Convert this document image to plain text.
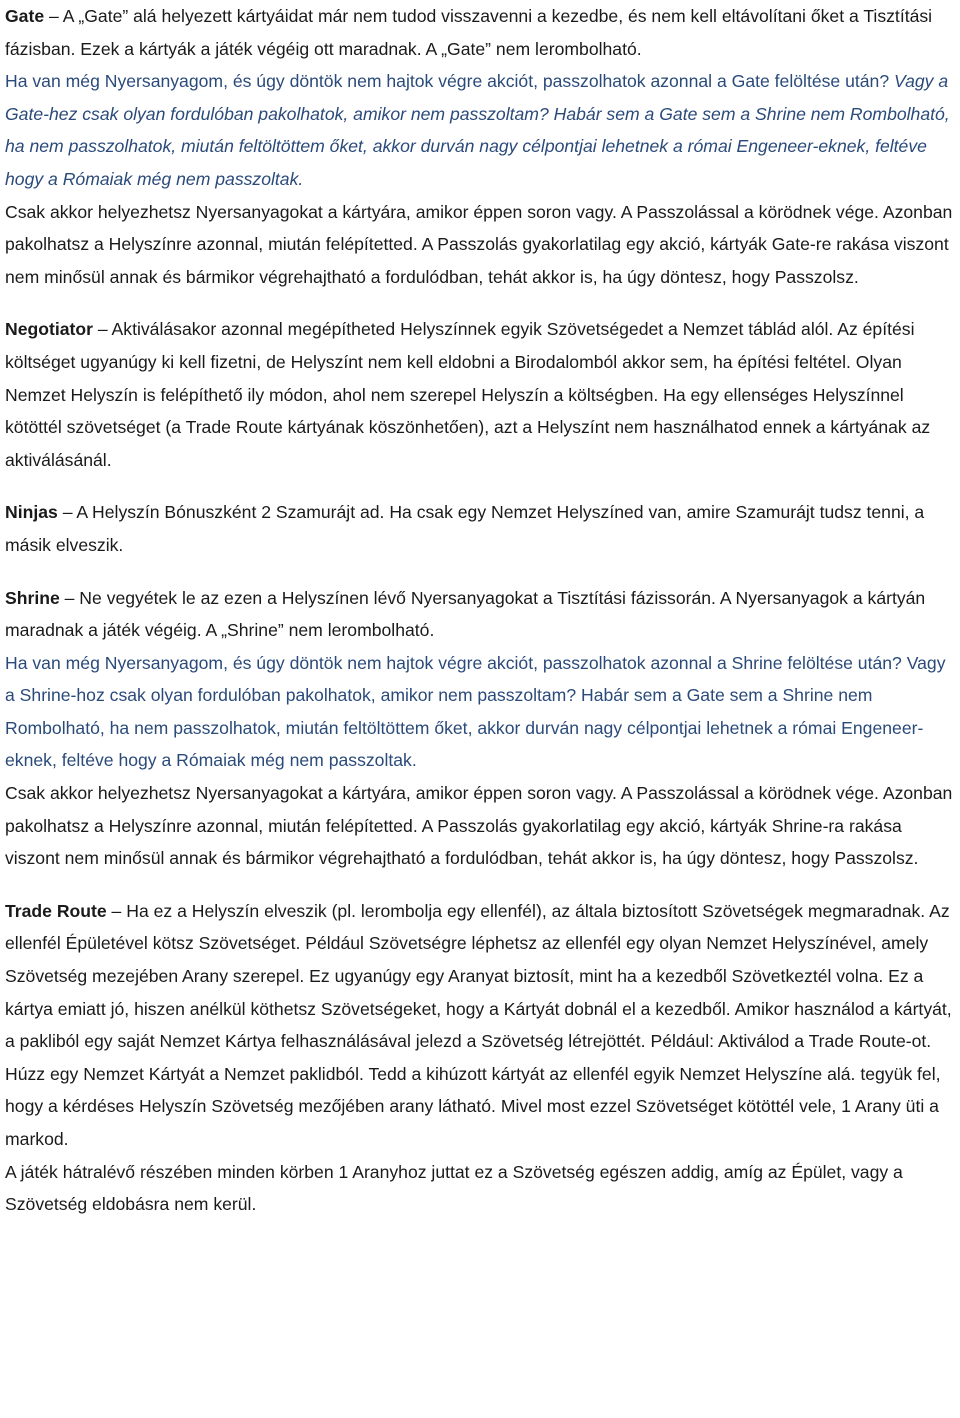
Gate – A „Gate” alá helyezett kártyáidat már nem tudod visszavenni a kezedbe, és nem kell eltávolítani őket a Tisztítási fázisban. Ezek a kártyák a játék végéig ott maradnak. A „Gate” nem lerombolható.

Ha van még Nyersanyagom, és úgy döntök nem hajtok végre akciót, passzolhatok azonnal a Gate felöltése után? Vagy a Gate-hez csak olyan fordulóban pakolhatok, amikor nem passzoltam? Habár sem a Gate sem a Shrine nem Rombolható, ha nem passzolhatok, miután feltöltöttem őket, akkor durván nagy célpontjai lehetnek a római Engeneer-eknek, feltéve hogy a Rómaiak még nem passzoltak.

Csak akkor helyezhetsz Nyersanyagokat a kártyára, amikor éppen soron vagy. A Passzolással a körödnek vége. Azonban pakolhatsz a Helyszínre azonnal, miután felépítetted. A Passzolás gyakorlatilag egy akció, kártyák Gate-re rakása viszont nem minősül annak és bármikor végrehajtható a fordulódban, tehát akkor is, ha úgy döntesz, hogy Passzolsz.

Negotiator – Aktiválásakor azonnal megépítheted Helyszínnek egyik Szövetségedet a Nemzet táblád alól. Az építési költséget ugyanúgy ki kell fizetni, de Helyszínt nem kell eldobni a Birodalomból akkor sem, ha építési feltétel. Olyan Nemzet Helyszín is felépíthető ily módon, ahol nem szerepel Helyszín a költségben. Ha egy ellenséges Helyszínnel kötöttél szövetséget (a Trade Route kártyának köszönhetően), azt a Helyszínt nem használhatod ennek a kártyának az aktiválásánál.

Ninjas – A Helyszín Bónuszként 2 Szamurájt ad. Ha csak egy Nemzet Helyszíned van, amire Szamurájt tudsz tenni, a másik elveszik.

Shrine – Ne vegyétek le az ezen a Helyszínen lévő Nyersanyagokat a Tisztítási fázissorán. A Nyersanyagok a kártyán maradnak a játék végéig. A „Shrine” nem lerombolható.

Ha van még Nyersanyagom, és úgy döntök nem hajtok végre akciót, passzolhatok azonnal a Shrine felöltése után? Vagy a Shrine-hoz csak olyan fordulóban pakolhatok, amikor nem passzoltam? Habár sem a Gate sem a Shrine nem Rombolható, ha nem passzolhatok, miután feltöltöttem őket, akkor durván nagy célpontjai lehetnek a római Engeneer-eknek, feltéve hogy a Rómaiak még nem passzoltak.

Csak akkor helyezhetsz Nyersanyagokat a kártyára, amikor éppen soron vagy. A Passzolással a körödnek vége. Azonban pakolhatsz a Helyszínre azonnal, miután felépítetted. A Passzolás gyakorlatilag egy akció, kártyák Shrine-ra rakása viszont nem minősül annak és bármikor végrehajtható a fordulódban, tehát akkor is, ha úgy döntesz, hogy Passzolsz.

Trade Route – Ha ez a Helyszín elveszik (pl. lerombolja egy ellenfél), az általa biztosított Szövetségek megmaradnak. Az ellenfél Épületével kötsz Szövetséget. Például Szövetségre léphetsz az ellenfél egy olyan Nemzet Helyszínével, amely Szövetség mezejében Arany szerepel. Ez ugyanúgy egy Aranyat biztosít, mint ha a kezedből Szövetkeztél volna. Ez a kártya emiatt jó, hiszen anélkül köthetsz Szövetségeket, hogy a Kártyát dobnál el a kezedből. Amikor használod a kártyát, a pakliból egy saját Nemzet Kártya felhasználásával jelezd a Szövetség létrejöttét. Például: Aktiválod a Trade Route-ot. Húzz egy Nemzet Kártyát a Nemzet paklidból. Tedd a kihúzott kártyát az ellenfél egyik Nemzet Helyszíne alá. tegyük fel, hogy a kérdéses Helyszín Szövetség mezőjében arany látható. Mivel most ezzel Szövetséget kötöttél vele, 1 Arany üti a markod.

A játék hátralévő részében minden körben 1 Aranyhoz juttat ez a Szövetség egészen addig, amíg az Épület, vagy a Szövetség eldobásra nem kerül.
